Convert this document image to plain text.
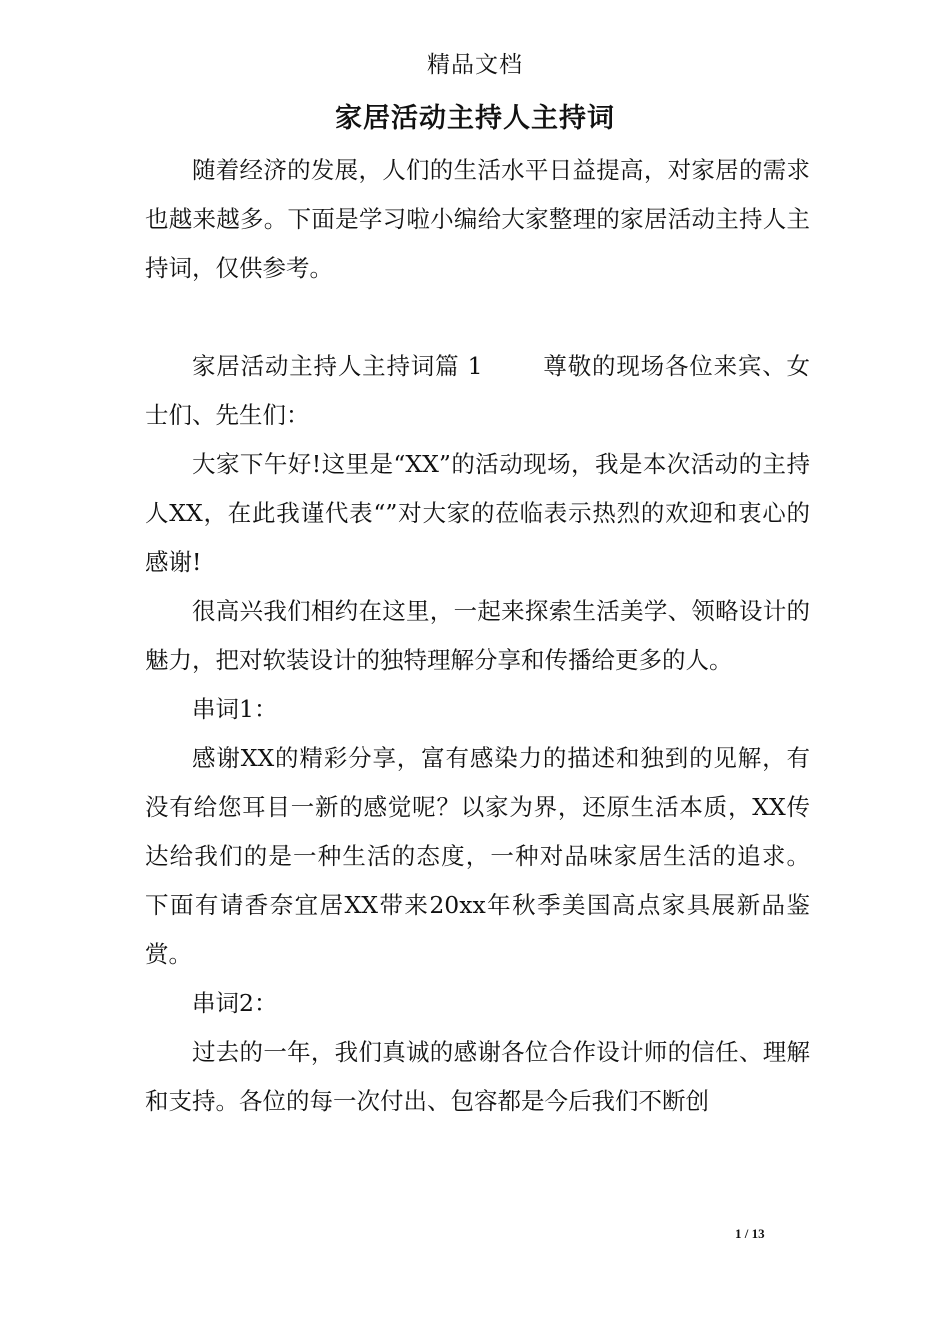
精品文档
家居活动主持人主持词

随着经济的发展，人们的生活水平日益提高，对家居的需求也越来越多。下面是学习啦小编给大家整理的家居活动主持人主持词，仅供参考。

家居活动主持人主持词篇 1	尊敬的现场各位来宾、女士们、先生们：

大家下午好!这里是“XX”的活动现场，我是本次活动的主持人XX，在此我谨代表“”对大家的莅临表示热烈的欢迎和衷心的感谢!

很高兴我们相约在这里，一起来探索生活美学、领略设计的魅力，把对软装设计的独特理解分享和传播给更多的人。

串词1：

感谢XX的精彩分享，富有感染力的描述和独到的见解，有没有给您耳目一新的感觉呢？以家为界，还原生活本质，XX传达给我们的是一种生活的态度，一种对品味家居生活的追求。 下面有请香奈宜居XX带来20xx年秋季美国高点家具展新品鉴赏。

串词2：

过去的一年，我们真诚的感谢各位合作设计师的信任、理解和支持。各位的每一次付出、包容都是今后我们不断创

1 / 13
